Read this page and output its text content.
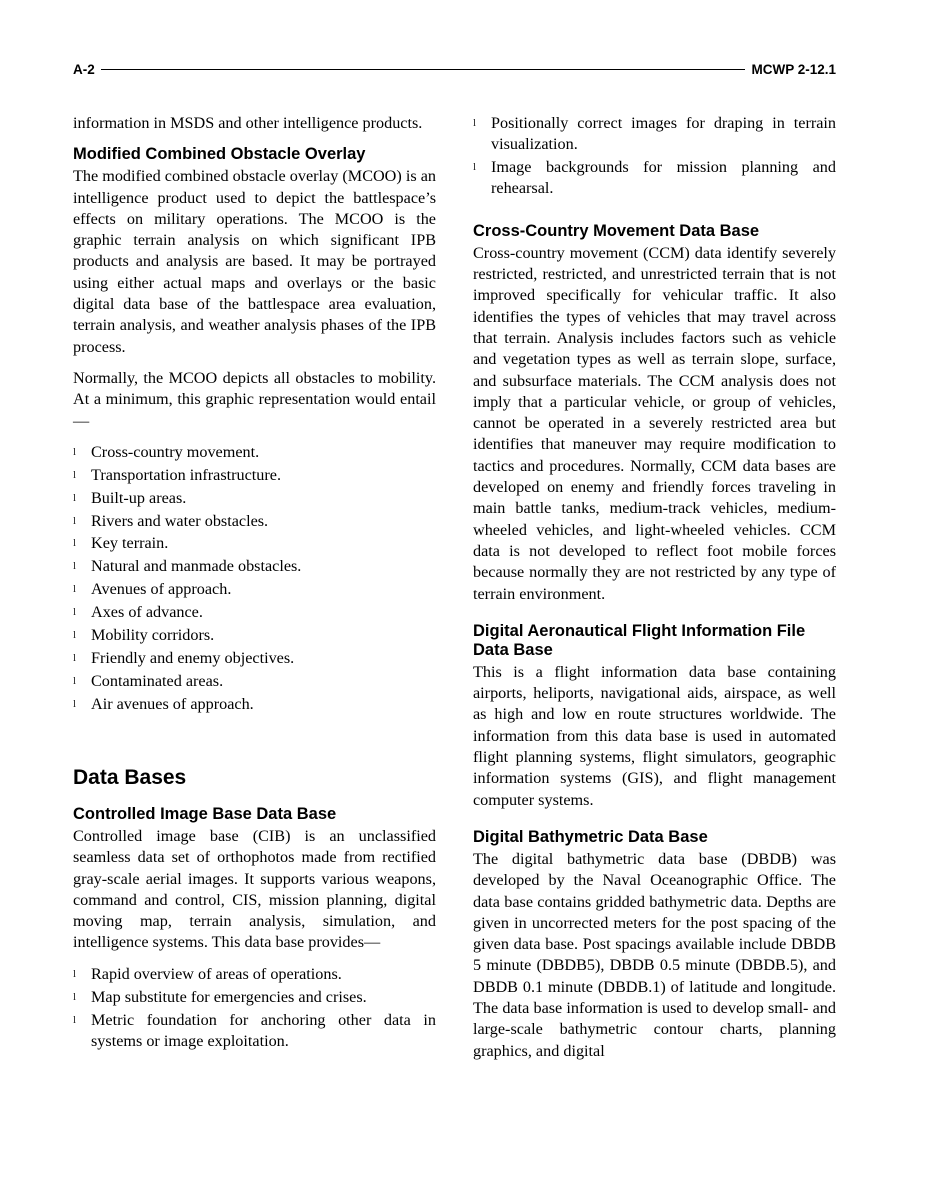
A-2	MCWP 2-12.1

information in MSDS and other intelligence products.

Modified Combined Obstacle Overlay

The modified combined obstacle overlay (MCOO) is an intelligence product used to depict the battlespace’s effects on military operations. The MCOO is the graphic terrain analysis on which significant IPB products and analysis are based. It may be portrayed using either actual maps and overlays or the basic digital data base of the battlespace area evaluation, terrain analysis, and weather analysis phases of the IPB process.

Normally, the MCOO depicts all obstacles to mobility. At a minimum, this graphic representation would entail—

l Cross-country movement.
l Transportation infrastructure.
l Built-up areas.
l Rivers and water obstacles.
l Key terrain.
l Natural and manmade obstacles.
l Avenues of approach.
l Axes of advance.
l Mobility corridors.
l Friendly and enemy objectives.
l Contaminated areas.
l Air avenues of approach.
Data Bases
Controlled Image Base Data Base

Controlled image base (CIB) is an unclassified seamless data set of orthophotos made from rectified gray-scale aerial images. It supports various weapons, command and control, CIS, mission planning, digital moving map, terrain analysis, simulation, and intelligence systems. This data base provides—

l Rapid overview of areas of operations.
l Map substitute for emergencies and crises.
l Metric foundation for anchoring other data in systems or image exploitation.
l Positionally correct images for draping in terrain visualization.
l Image backgrounds for mission planning and rehearsal.
Cross-Country Movement Data Base

Cross-country movement (CCM) data identify severely restricted, restricted, and unrestricted terrain that is not improved specifically for vehicular traffic. It also identifies the types of vehicles that may travel across that terrain. Analysis includes factors such as vehicle and vegetation types as well as terrain slope, surface, and subsurface materials. The CCM analysis does not imply that a particular vehicle, or group of vehicles, cannot be operated in a severely restricted area but identifies that maneuver may require modification to tactics and procedures. Normally, CCM data bases are developed on enemy and friendly forces traveling in main battle tanks, medium-track vehicles, medium-wheeled vehicles, and light-wheeled vehicles. CCM data is not developed to reflect foot mobile forces because normally they are not restricted by any type of terrain environment.

Digital Aeronautical Flight Information File Data Base

This is a flight information data base containing airports, heliports, navigational aids, airspace, as well as high and low en route structures worldwide. The information from this data base is used in automated flight planning systems, flight simulators, geographic information systems (GIS), and flight management computer systems.

Digital Bathymetric Data Base

The digital bathymetric data base (DBDB) was developed by the Naval Oceanographic Office. The data base contains gridded bathymetric data. Depths are given in uncorrected meters for the post spacing of the given data base. Post spacings available include DBDB 5 minute (DBDB5), DBDB 0.5 minute (DBDB.5), and DBDB 0.1 minute (DBDB.1) of latitude and longitude. The data base information is used to develop small- and large-scale bathymetric contour charts, planning graphics, and digital
